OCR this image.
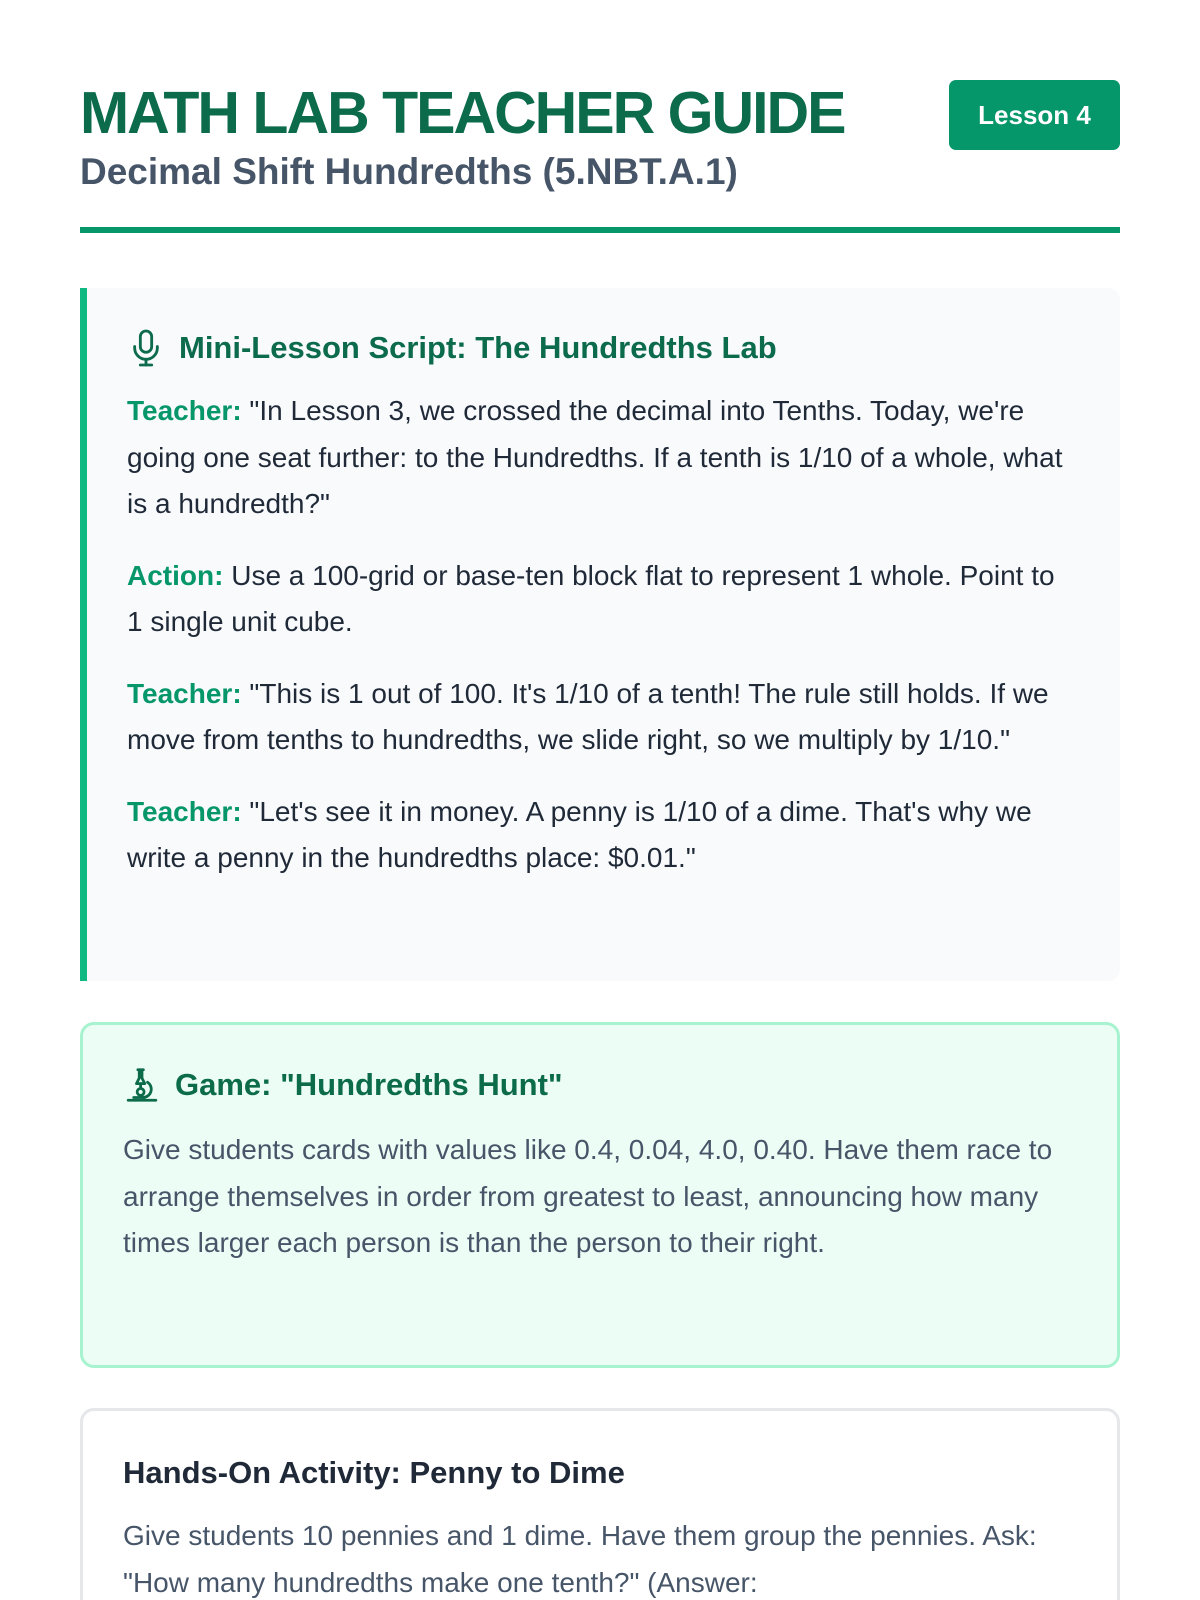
MATH LAB TEACHER GUIDE
Decimal Shift Hundredths (5.NBT.A.1)
Lesson 4
Mini-Lesson Script: The Hundredths Lab

Teacher: "In Lesson 3, we crossed the decimal into Tenths. Today, we're going one seat further: to the Hundredths. If a tenth is 1/10 of a whole, what is a hundredth?"

Action: Use a 100-grid or base-ten block flat to represent 1 whole. Point to 1 single unit cube.

Teacher: "This is 1 out of 100. It's 1/10 of a tenth! The rule still holds. If we move from tenths to hundredths, we slide right, so we multiply by 1/10."

Teacher: "Let's see it in money. A penny is 1/10 of a dime. That's why we write a penny in the hundredths place: $0.01."

Game: "Hundredths Hunt"

Give students cards with values like 0.4, 0.04, 4.0, 0.40. Have them race to arrange themselves in order from greatest to least, announcing how many times larger each person is than the person to their right.

Hands-On Activity: Penny to Dime

Give students 10 pennies and 1 dime. Have them group the pennies. Ask: "How many hundredths make one tenth?" (Answer:
